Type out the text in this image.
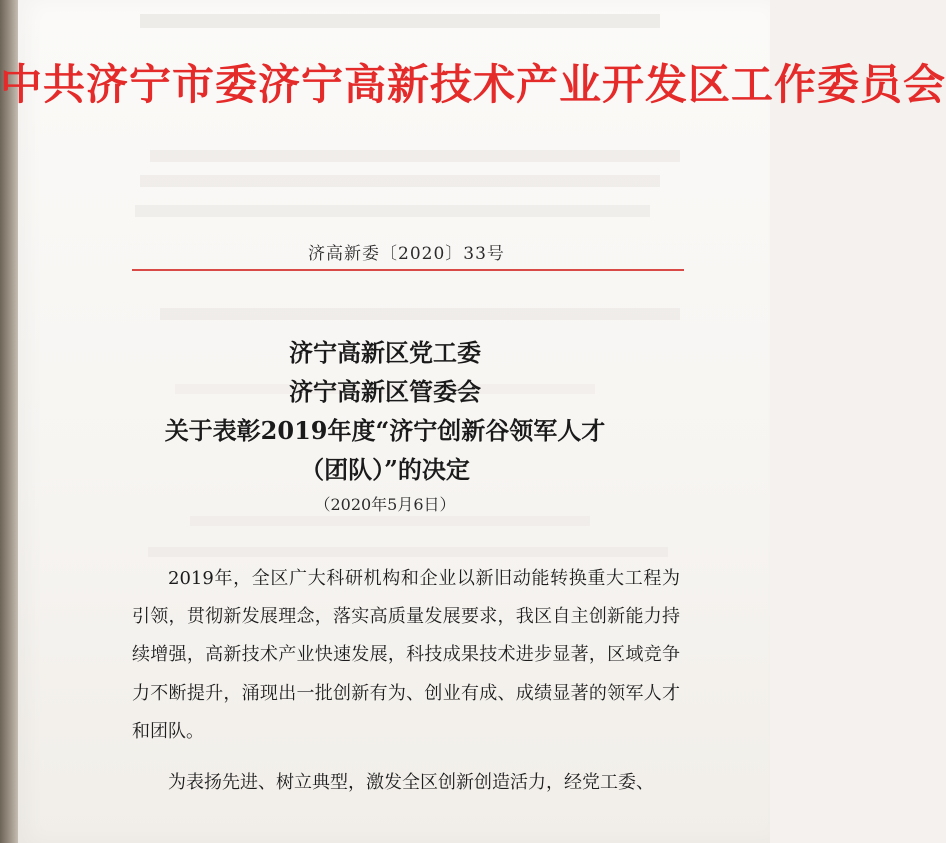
中共济宁市委济宁高新技术产业开发区工作委员会
济高新委〔2020〕33号
济宁高新区党工委
济宁高新区管委会
关于表彰2019年度“济宁创新谷领军人才
（团队）”的决定
（2020年5月6日）

2019年，全区广大科研机构和企业以新旧动能转换重大工程为引领，贯彻新发展理念，落实高质量发展要求，我区自主创新能力持续增强，高新技术产业快速发展，科技成果技术进步显著，区域竞争力不断提升，涌现出一批创新有为、创业有成、成绩显著的领军人才和团队。

为表扬先进、树立典型，激发全区创新创造活力，经党工委、
